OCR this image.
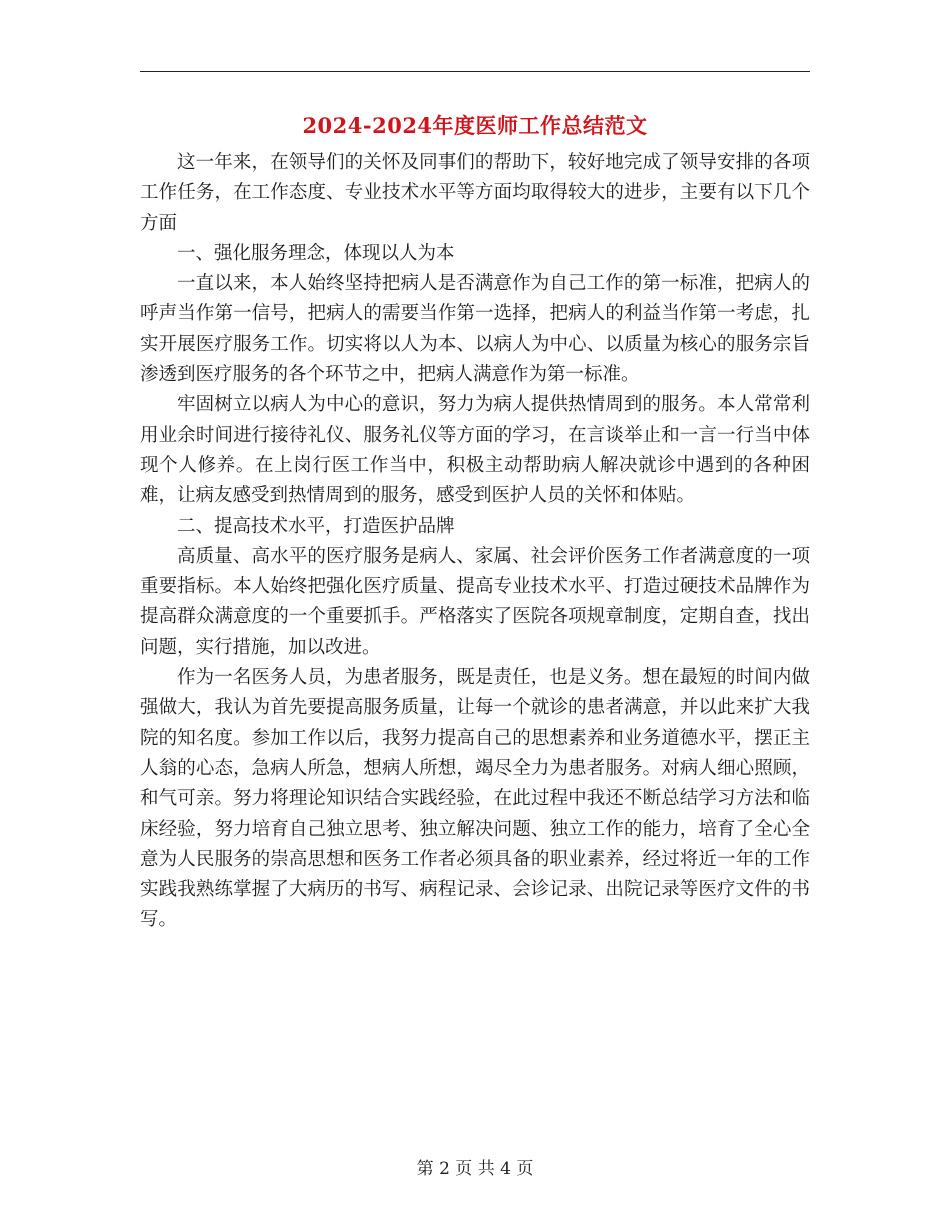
2024-2024年度医师工作总结范文

这一年来，在领导们的关怀及同事们的帮助下，较好地完成了领导安排的各项工作任务，在工作态度、专业技术水平等方面均取得较大的进步，主要有以下几个方面

一、强化服务理念，体现以人为本

一直以来，本人始终坚持把病人是否满意作为自己工作的第一标准，把病人的呼声当作第一信号，把病人的需要当作第一选择，把病人的利益当作第一考虑，扎实开展医疗服务工作。切实将以人为本、以病人为中心、以质量为核心的服务宗旨渗透到医疗服务的各个环节之中，把病人满意作为第一标准。

牢固树立以病人为中心的意识，努力为病人提供热情周到的服务。本人常常利用业余时间进行接待礼仪、服务礼仪等方面的学习，在言谈举止和一言一行当中体现个人修养。在上岗行医工作当中，积极主动帮助病人解决就诊中遇到的各种困难，让病友感受到热情周到的服务，感受到医护人员的关怀和体贴。

二、提高技术水平，打造医护品牌

高质量、高水平的医疗服务是病人、家属、社会评价医务工作者满意度的一项重要指标。本人始终把强化医疗质量、提高专业技术水平、打造过硬技术品牌作为提高群众满意度的一个重要抓手。严格落实了医院各项规章制度，定期自查，找出问题，实行措施，加以改进。

作为一名医务人员，为患者服务，既是责任，也是义务。想在最短的时间内做强做大，我认为首先要提高服务质量，让每一个就诊的患者满意，并以此来扩大我院的知名度。参加工作以后，我努力提高自己的思想素养和业务道德水平，摆正主人翁的心态，急病人所急，想病人所想，竭尽全力为患者服务。对病人细心照顾，和气可亲。努力将理论知识结合实践经验，在此过程中我还不断总结学习方法和临床经验，努力培育自己独立思考、独立解决问题、独立工作的能力，培育了全心全意为人民服务的崇高思想和医务工作者必须具备的职业素养，经过将近一年的工作实践我熟练掌握了大病历的书写、病程记录、会诊记录、出院记录等医疗文件的书写。

第 2 页 共 4 页
